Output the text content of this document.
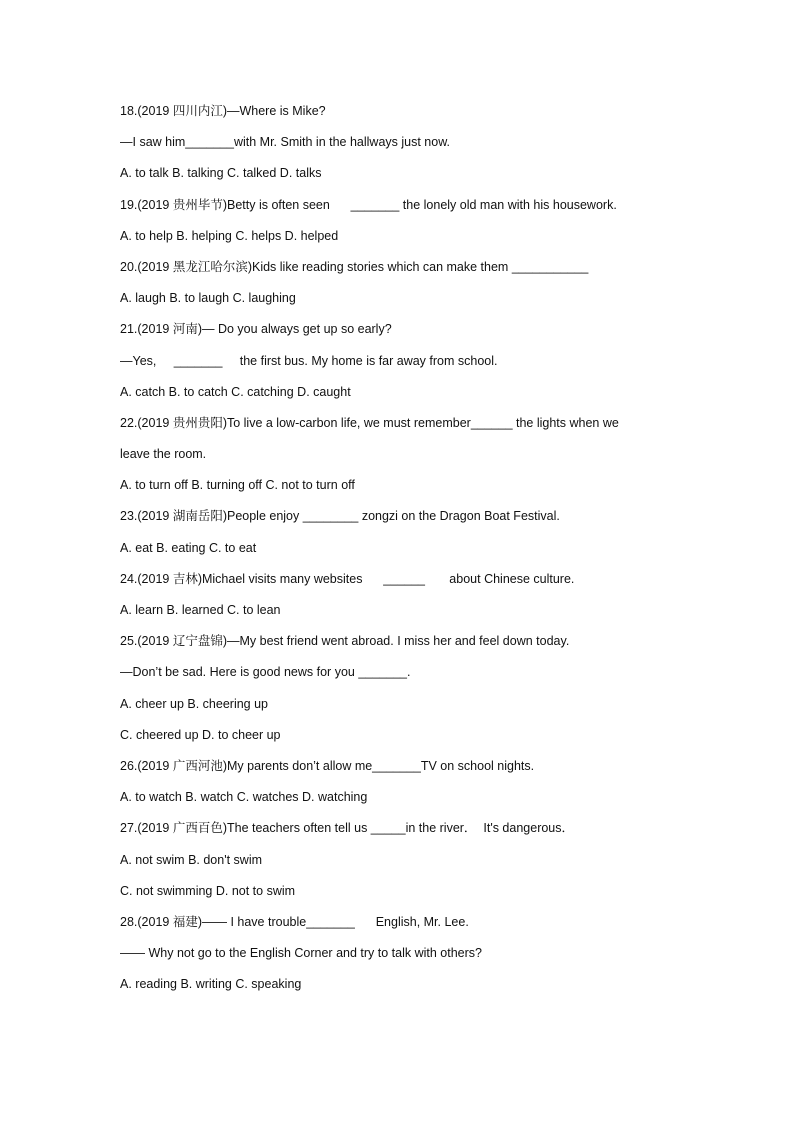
18.(2019 四川内江)—Where is Mike?
—I saw him_______with Mr. Smith in the hallways just now.
A. to talk B. talking C. talked D. talks
19.(2019 贵州毕节)Betty is often seen      _______ the lonely old man with his housework.
A. to help B. helping C. helps D. helped
20.(2019 黑龙江哈尔滨)Kids like reading stories which can make them ___________
A. laugh B. to laugh C. laughing
21.(2019 河南)— Do you always get up so early?
—Yes,     _______     the first bus. My home is far away from school.
A. catch B. to catch C. catching D. caught
22.(2019 贵州贵阳)To live a low-carbon life, we must remember______ the lights when we
leave the room.
A. to turn off B. turning off C. not to turn off
23.(2019 湖南岳阳)People enjoy ________ zongzi on the Dragon Boat Festival.
A. eat B. eating C. to eat
24.(2019 吉林)Michael visits many websites      ______       about Chinese culture.
A. learn B. learned C. to lean
25.(2019 辽宁盘锦)—My best friend went abroad. I miss her and feel down today.
—Don’t be sad. Here is good news for you _______.
A. cheer up B. cheering up
C. cheered up D. to cheer up
26.(2019 广西河池)My parents don’t allow me_______TV on school nights.
A. to watch B. watch C. watches D. watching
27.(2019 广西百色)The teachers often tell us _____in the river．  It's dangerous．
A. not swim B. don't swim
C. not swimming D. not to swim
28.(2019 福建)—— I have trouble_______      English, Mr. Lee.
—— Why not go to the English Corner and try to talk with others?
A. reading B. writing C. speaking
